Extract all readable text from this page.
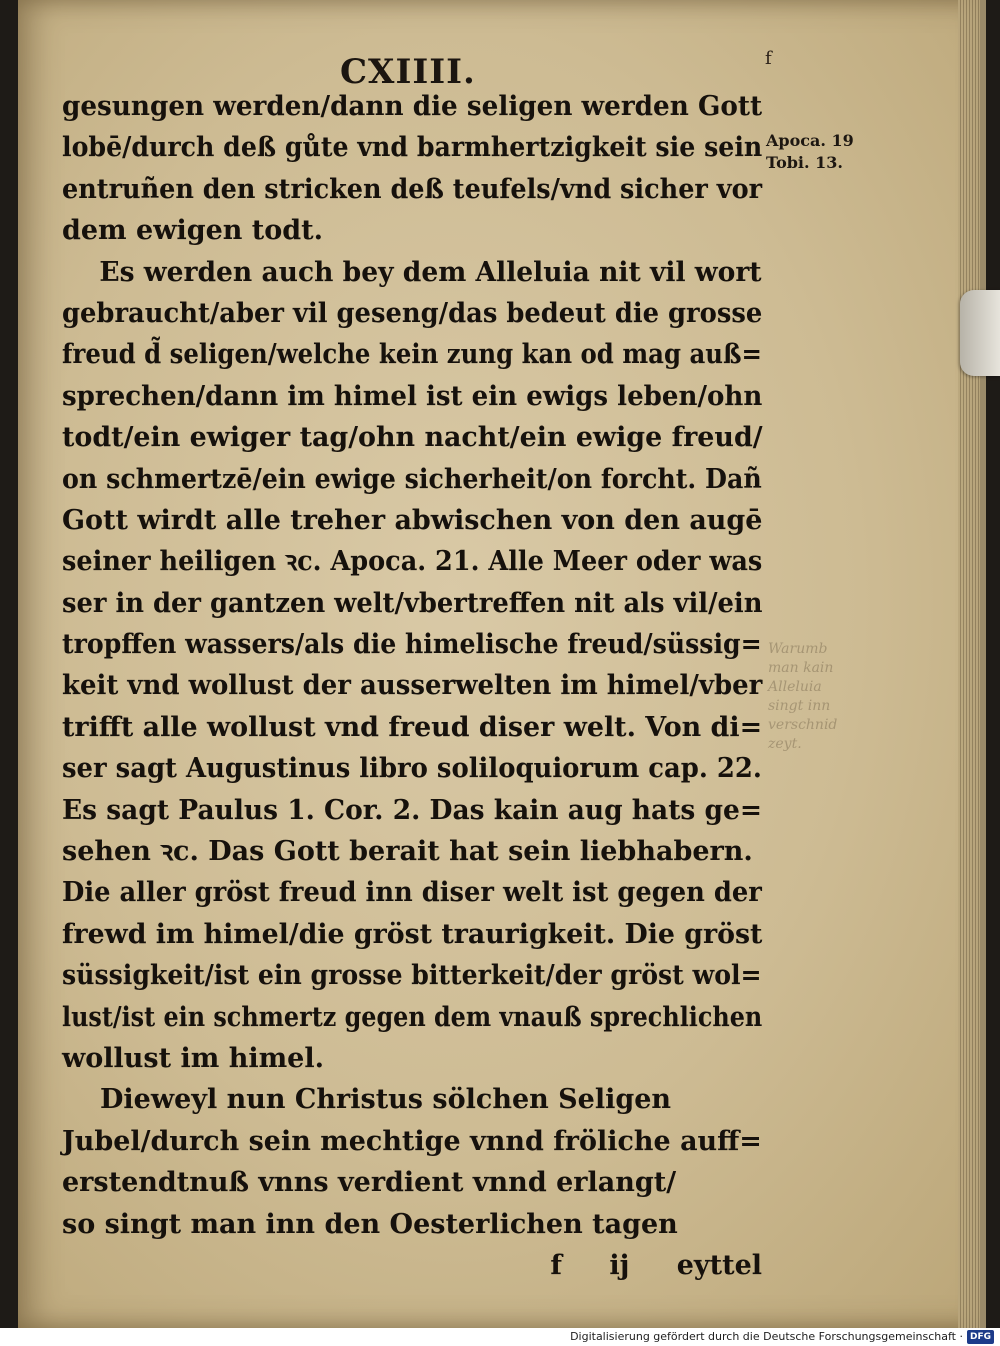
CXIIII.	f
gesungen werden/dann die seligen werden Gott
lobē/durch deß gůte vnd barmhertzigkeit sie sein
entruñen den stricken deß teufels/vnd sicher vor
dem ewigen todt.
Es werden auch bey dem Alleluia nit vil wort
gebraucht/aber vil geseng/das bedeut die grosse
freud d̃ seligen/welche kein zung kan od mag auß=
sprechen/dann im himel ist ein ewigs leben/ohn
todt/ein ewiger tag/ohn nacht/ein ewige freud/
on schmertzē/ein ewige sicherheit/on forcht. Dañ
Gott wirdt alle treher abwischen von den augē
seiner heiligen ꝛc. Apoca. 21. Alle Meer oder was
ser in der gantzen welt/vbertreffen nit als vil/ein
tropffen wassers/als die himelische freud/süssig=
keit vnd wollust der ausserwelten im himel/vber
trifft alle wollust vnd freud diser welt. Von di=
ser sagt Augustinus libro soliloquiorum cap. 22.
Es sagt Paulus 1. Cor. 2. Das kain aug hats ge=
sehen ꝛc. Das Gott berait hat sein liebhabern.
Die aller gröst freud inn diser welt ist gegen der
frewd im himel/die gröst traurigkeit. Die gröst
süssigkeit/ist ein grosse bitterkeit/der gröst wol=
lust/ist ein schmertz gegen dem vnauß sprechlichen
wollust im himel.
Dieweyl nun Christus sölchen Seligen
Jubel/durch sein mechtige vnnd fröliche auff=
erstendtnuß vnns verdient vnnd erlangt/
so singt man inn den Oesterlichen tagen
f ij eyttel
Apoca. 19
Tobi. 13.
Warumb
man kain
Alleluia
singt inn
verschnid
zeyt.
Digitalisierung gefördert durch die Deutsche Forschungsgemeinschaft · DFG
